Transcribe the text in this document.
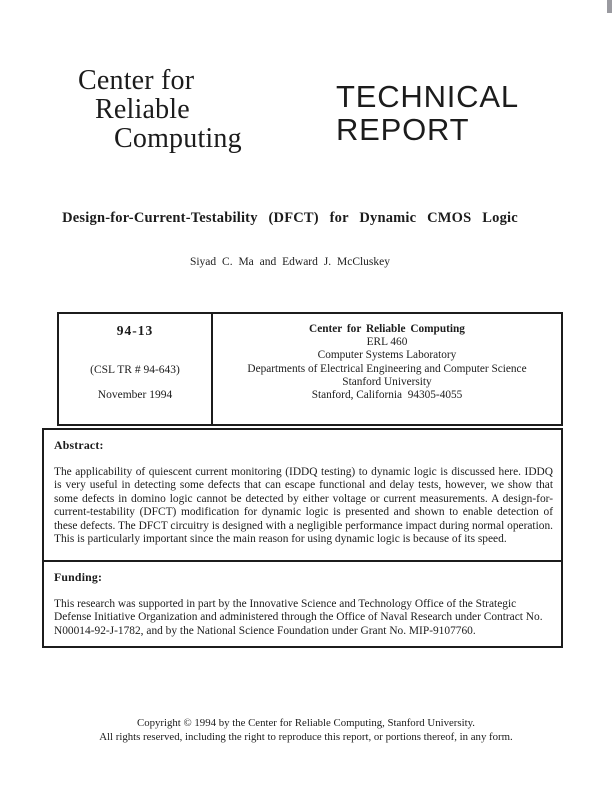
Center for
Reliable
Computing
TECHNICAL
REPORT
Design-for-Current-Testability (DFCT) for Dynamic CMOS Logic
Siyad C. Ma and Edward J. McCluskey
94-13
(CSL TR # 94-643)
November 1994
Center for Reliable Computing
ERL 460
Computer Systems Laboratory
Departments of Electrical Engineering and Computer Science
Stanford University
Stanford, California  94305-4055
Abstract:

The applicability of quiescent current monitoring (IDDQ testing) to dynamic logic is discussed here. IDDQ is very useful in detecting some defects that can escape functional and delay tests, however, we show that some defects in domino logic cannot be detected by either voltage or current measurements. A design-for-current-testability (DFCT) modification for dynamic logic is presented and shown to enable detection of these defects. The DFCT circuitry is designed with a negligible performance impact during normal operation. This is particularly important since the main reason for using dynamic logic is because of its speed.

Funding:

This research was supported in part by the Innovative Science and Technology Office of the Strategic Defense Initiative Organization and administered through the Office of Naval Research under Contract No. N00014-92-J-1782, and by the National Science Foundation under Grant No. MIP-9107760.

Copyright © 1994 by the Center for Reliable Computing, Stanford University.
All rights reserved, including the right to reproduce this report, or portions thereof, in any form.
